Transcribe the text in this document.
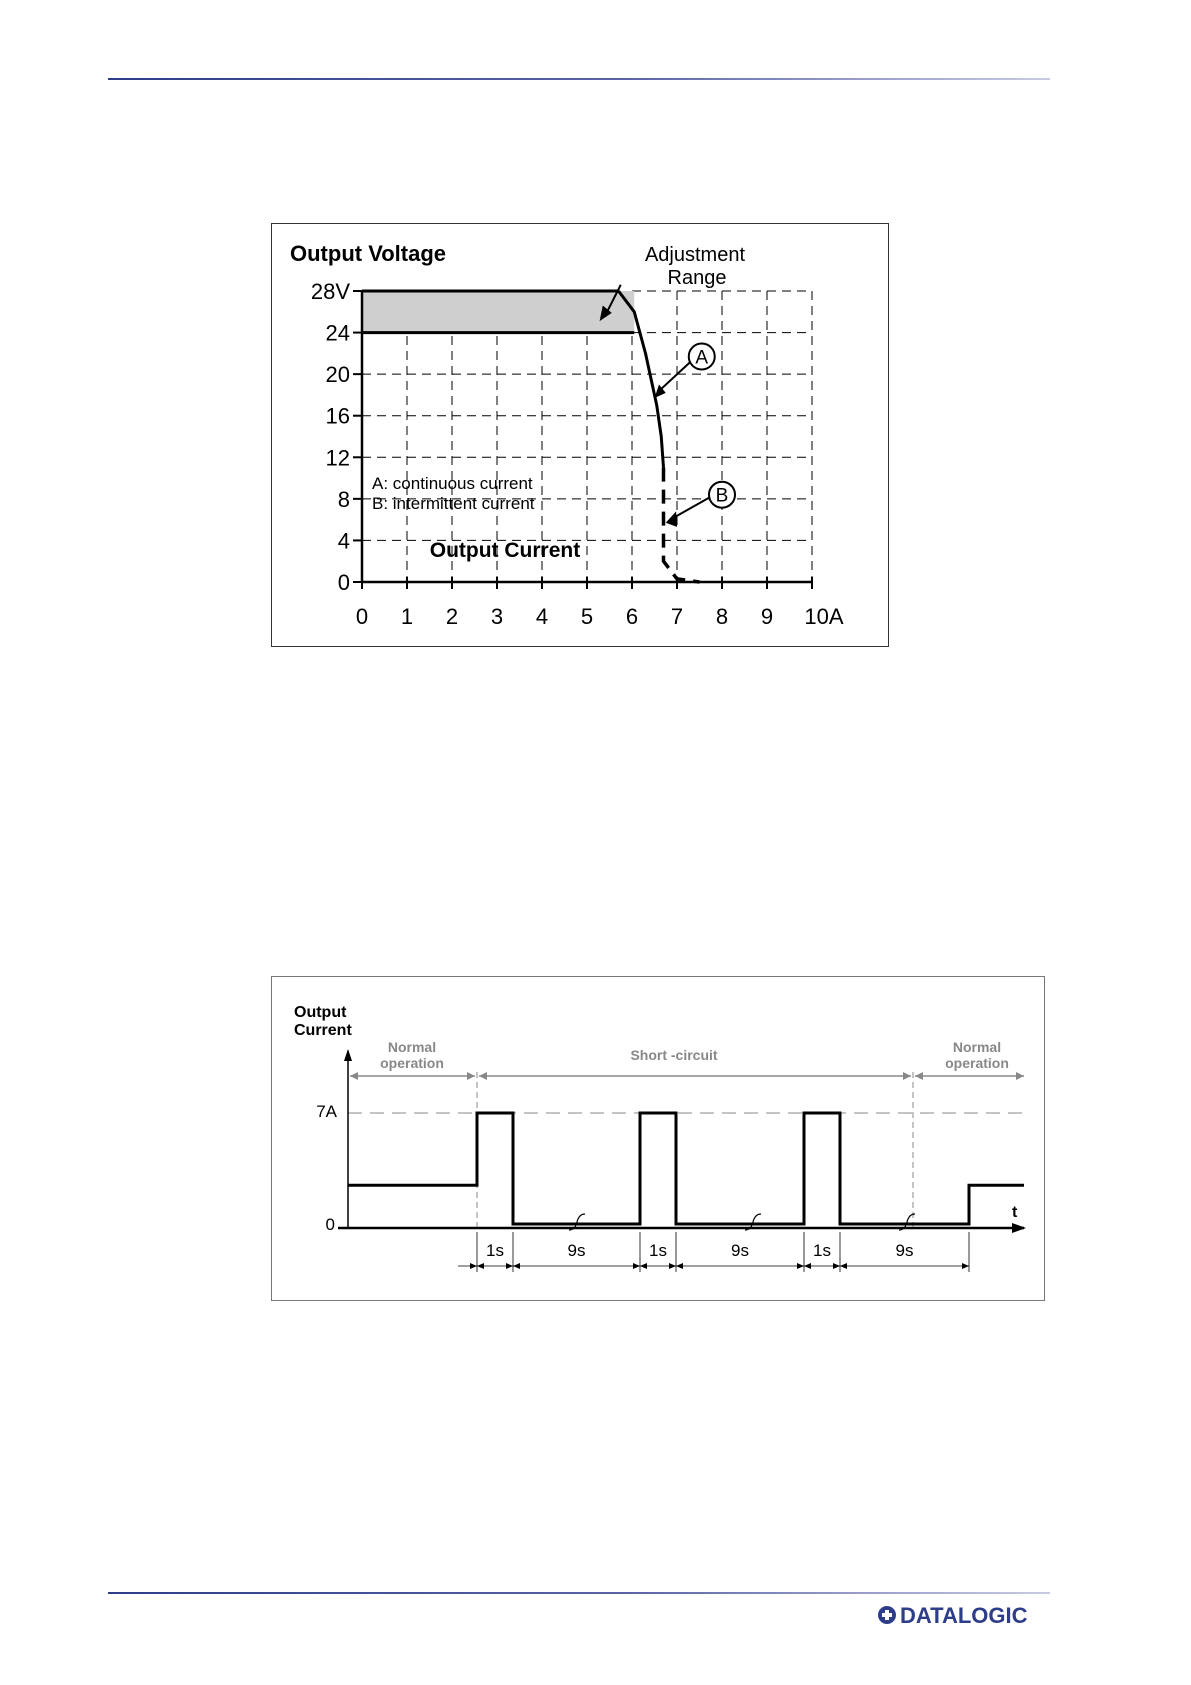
Output Voltage	Adjustment
Range
Output Current
A: continuous current
B: intermittent current
0 1 2 3 4 5 6 7 8 9 10A
0
4
8
12
16
20
24
28V
A
B
Output
Current
t
Normal
operation	Short -circuit	Normal
operation
7A
0
1s	9s	1s	9s	1s	9s
DATALOGIC
